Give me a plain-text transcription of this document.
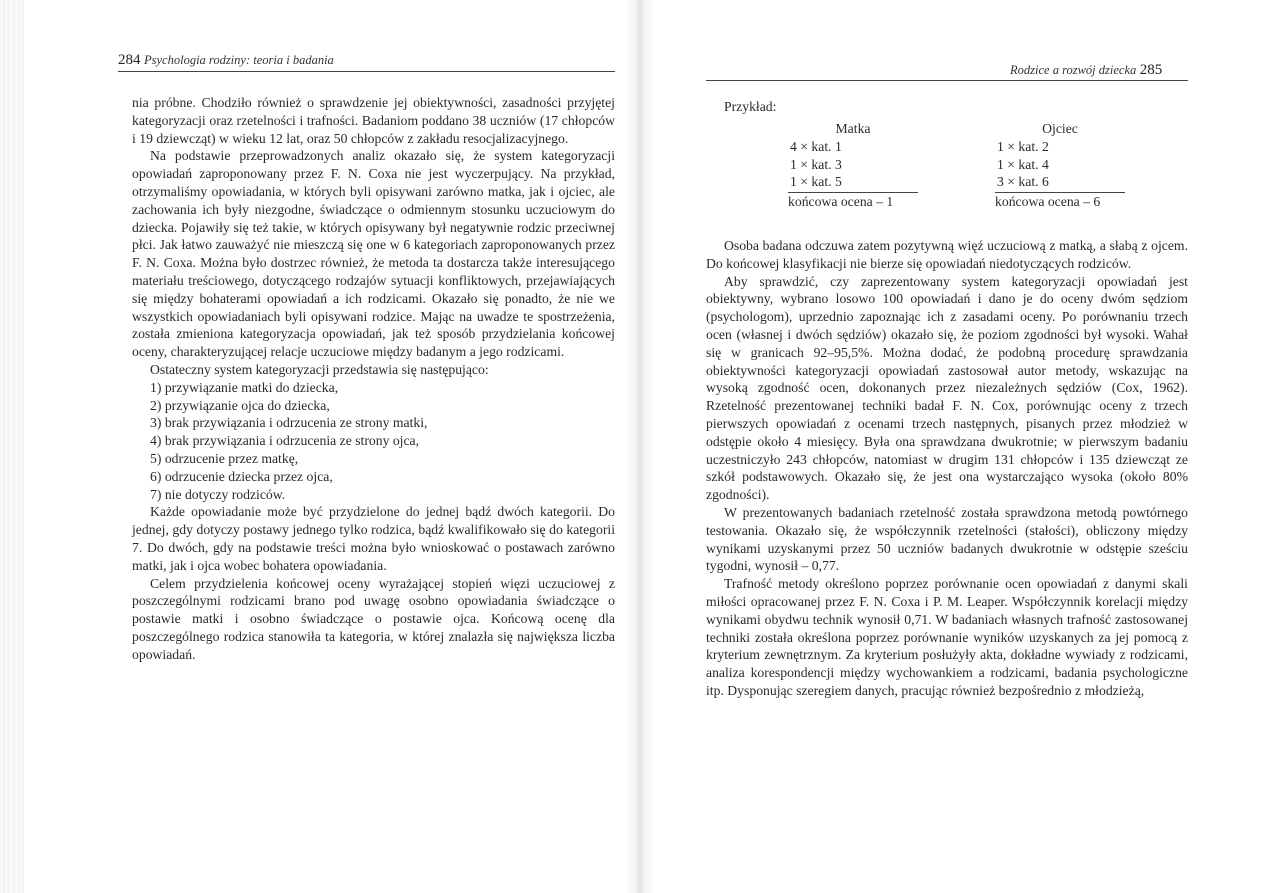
284 Psychologia rodziny: teoria i badania

nia próbne. Chodziło również o sprawdzenie jej obiektywności, zasadności przyjętej kategoryzacji oraz rzetelności i trafności. Badaniom poddano 38 uczniów (17 chłopców i 19 dziewcząt) w wieku 12 lat, oraz 50 chłopców z zakładu resocjalizacyjnego.

Na podstawie przeprowadzonych analiz okazało się, że system kategoryzacji opowiadań zaproponowany przez F. N. Coxa nie jest wyczerpujący. Na przykład, otrzymaliśmy opowiadania, w których byli opisywani zarówno matka, jak i ojciec, ale zachowania ich były niezgodne, świadczące o odmiennym stosunku uczuciowym do dziecka. Pojawiły się też takie, w których opisywany był negatywnie rodzic przeciwnej płci. Jak łatwo zauważyć nie mieszczą się one w 6 kategoriach zaproponowanych przez F. N. Coxa. Można było dostrzec również, że metoda ta dostarcza także interesującego materiału treściowego, dotyczącego rodzajów sytuacji konfliktowych, przejawiających się między bohaterami opowiadań a ich rodzicami. Okazało się ponadto, że nie we wszystkich opowiadaniach byli opisywani rodzice. Mając na uwadze te spostrzeżenia, została zmieniona kategoryzacja opowiadań, jak też sposób przydzielania końcowej oceny, charakteryzującej relacje uczuciowe między badanym a jego rodzicami.

Ostateczny system kategoryzacji przedstawia się następująco:

1) przywiązanie matki do dziecka,
2) przywiązanie ojca do dziecka,
3) brak przywiązania i odrzucenia ze strony matki,
4) brak przywiązania i odrzucenia ze strony ojca,
5) odrzucenie przez matkę,
6) odrzucenie dziecka przez ojca,
7) nie dotyczy rodziców.

Każde opowiadanie może być przydzielone do jednej bądź dwóch kategorii. Do jednej, gdy dotyczy postawy jednego tylko rodzica, bądź kwalifikowało się do kategorii 7. Do dwóch, gdy na podstawie treści można było wnioskować o postawach zarówno matki, jak i ojca wobec bohatera opowiadania.

Celem przydzielenia końcowej oceny wyrażającej stopień więzi uczuciowej z poszczególnymi rodzicami brano pod uwagę osobno opowiadania świadczące o postawie matki i osobno świadczące o postawie ojca. Końcową ocenę dla poszczególnego rodzica stanowiła ta kategoria, w której znalazła się największa liczba opowiadań.

Rodzice a rozwój dziecka 285
Przykład:
Matka
4 × kat. 1
1 × kat. 3
1 × kat. 5
końcowa ocena – 1
Ojciec
1 × kat. 2
1 × kat. 4
3 × kat. 6
końcowa ocena – 6

Osoba badana odczuwa zatem pozytywną więź uczuciową z matką, a słabą z ojcem. Do końcowej klasyfikacji nie bierze się opowiadań niedotyczących rodziców.

Aby sprawdzić, czy zaprezentowany system kategoryzacji opowiadań jest obiektywny, wybrano losowo 100 opowiadań i dano je do oceny dwóm sędziom (psychologom), uprzednio zapoznając ich z zasadami oceny. Po porównaniu trzech ocen (własnej i dwóch sędziów) okazało się, że poziom zgodności był wysoki. Wahał się w granicach 92–95,5%. Można dodać, że podobną procedurę sprawdzania obiektywności kategoryzacji opowiadań zastosował autor metody, wskazując na wysoką zgodność ocen, dokonanych przez niezależnych sędziów (Cox, 1962). Rzetelność prezentowanej techniki badał F. N. Cox, porównując oceny z trzech pierwszych opowiadań z ocenami trzech następnych, pisanych przez młodzież w odstępie około 4 miesięcy. Była ona sprawdzana dwukrotnie; w pierwszym badaniu uczestniczyło 243 chłopców, natomiast w drugim 131 chłopców i 135 dziewcząt ze szkół podstawowych. Okazało się, że jest ona wystarczająco wysoka (około 80% zgodności).

W prezentowanych badaniach rzetelność została sprawdzona metodą powtórnego testowania. Okazało się, że współczynnik rzetelności (stałości), obliczony między wynikami uzyskanymi przez 50 uczniów badanych dwukrotnie w odstępie sześciu tygodni, wynosił – 0,77.

Trafność metody określono poprzez porównanie ocen opowiadań z danymi skali miłości opracowanej przez F. N. Coxa i P. M. Leaper. Współczynnik korelacji między wynikami obydwu technik wynosił 0,71. W badaniach własnych trafność zastosowanej techniki została określona poprzez porównanie wyników uzyskanych za jej pomocą z kryterium zewnętrznym. Za kryterium posłużyły akta, dokładne wywiady z rodzicami, analiza korespondencji między wychowankiem a rodzicami, badania psychologiczne itp. Dysponując szeregiem danych, pracując również bezpośrednio z młodzieżą,
